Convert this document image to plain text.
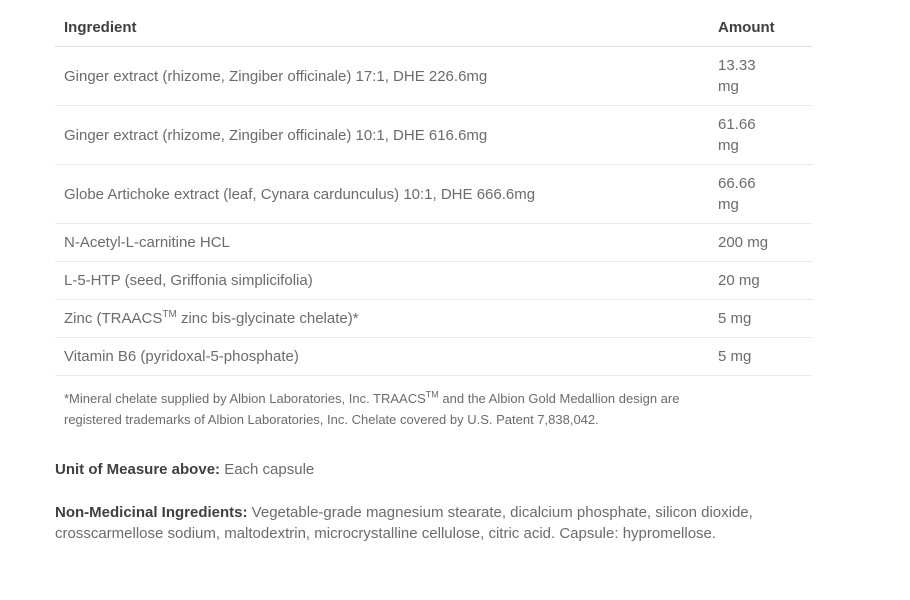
Ingredient	Amount
Ginger extract (rhizome, Zingiber officinale) 17:1, DHE 226.6mg	13.33 mg
Ginger extract (rhizome, Zingiber officinale) 10:1, DHE 616.6mg	61.66 mg
Globe Artichoke extract (leaf, Cynara cardunculus) 10:1, DHE 666.6mg	66.66 mg
N-Acetyl-L-carnitine HCL	200 mg
L-5-HTP (seed, Griffonia simplicifolia)	20 mg
Zinc (TRAACS™ zinc bis-glycinate chelate)*	5 mg
Vitamin B6 (pyridoxal-5-phosphate)	5 mg

*Mineral chelate supplied by Albion Laboratories, Inc. TRAACS™ and the Albion Gold Medallion design are registered trademarks of Albion Laboratories, Inc. Chelate covered by U.S. Patent 7,838,042.

Unit of Measure above: Each capsule

Non-Medicinal Ingredients: Vegetable-grade magnesium stearate, dicalcium phosphate, silicon dioxide, crosscarmellose sodium, maltodextrin, microcrystalline cellulose, citric acid. Capsule: hypromellose.
